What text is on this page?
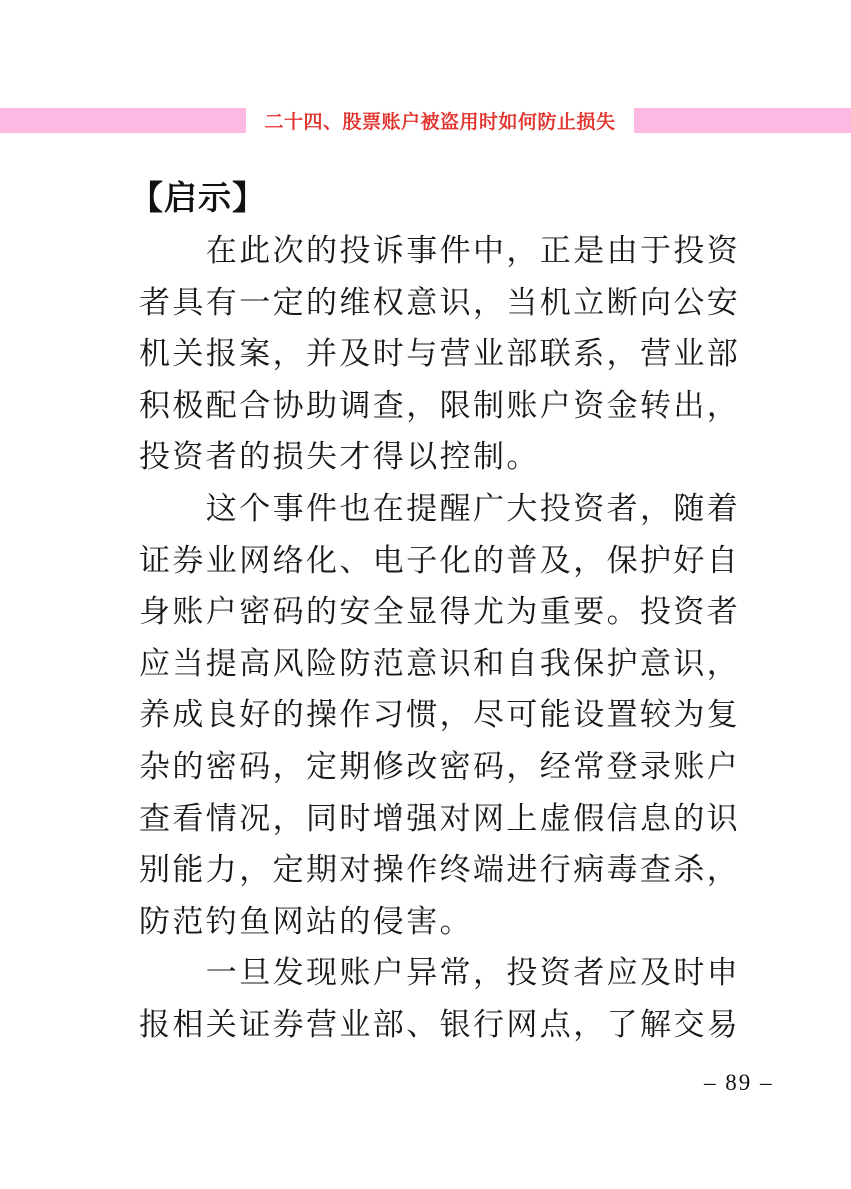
二十四、股票账户被盗用时如何防止损失
【启示】
在此次的投诉事件中，正是由于投资
者具有一定的维权意识，当机立断向公安
机关报案，并及时与营业部联系，营业部
积极配合协助调查，限制账户资金转出，
投资者的损失才得以控制。
这个事件也在提醒广大投资者，随着
证券业网络化、电子化的普及，保护好自
身账户密码的安全显得尤为重要。投资者
应当提高风险防范意识和自我保护意识，
养成良好的操作习惯，尽可能设置较为复
杂的密码，定期修改密码，经常登录账户
查看情况，同时增强对网上虚假信息的识
别能力，定期对操作终端进行病毒查杀，
防范钓鱼网站的侵害。
一旦发现账户异常，投资者应及时申
报相关证券营业部、银行网点，了解交易
– 89 –
